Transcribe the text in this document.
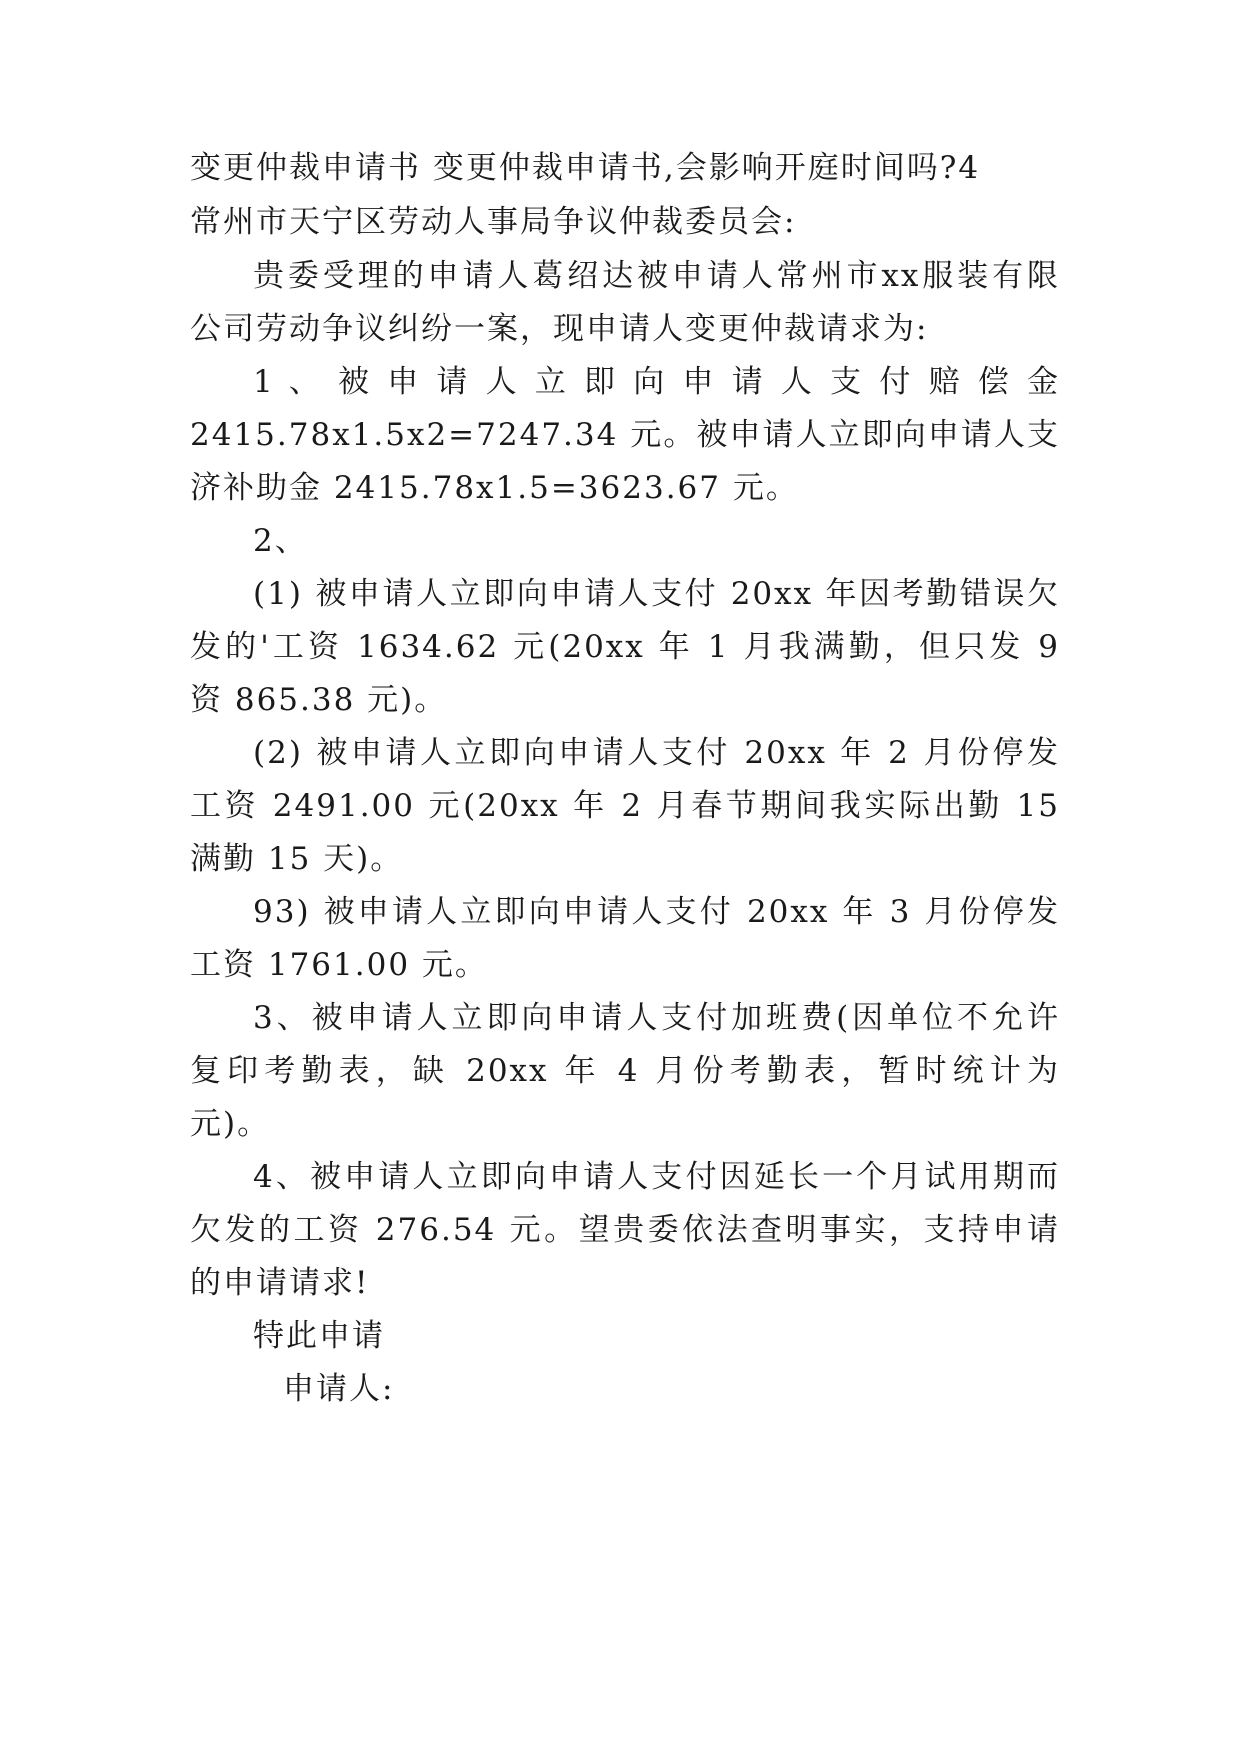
变更仲裁申请书 变更仲裁申请书,会影响开庭时间吗?4
常州市天宁区劳动人事局争议仲裁委员会:
贵委受理的申请人葛绍达被申请人常州市xx服装有限
公司劳动争议纠纷一案，现申请人变更仲裁请求为:
1 、 被 申 请 人 立 即 向 申 请 人 支 付 赔 偿 金
2415.78x1.5x2=7247.34 元。被申请人立即向申请人支
济补助金 2415.78x1.5=3623.67 元。
2、
(1) 被申请人立即向申请人支付 20xx 年因考勤错误欠
发的'工资 1634.62 元(20xx 年 1 月我满勤，但只发 9
资 865.38 元)。
(2) 被申请人立即向申请人支付 20xx 年 2 月份停发
工资 2491.00 元(20xx 年 2 月春节期间我实际出勤 15
满勤 15 天)。
93) 被申请人立即向申请人支付 20xx 年 3 月份停发
工资 1761.00 元。
3、被申请人立即向申请人支付加班费(因单位不允许
复印考勤表，缺 20xx 年 4 月份考勤表，暂时统计为
元)。
4、被申请人立即向申请人支付因延长一个月试用期而
欠发的工资 276.54 元。望贵委依法查明事实，支持申请
的申请请求!
特此申请
申请人:
